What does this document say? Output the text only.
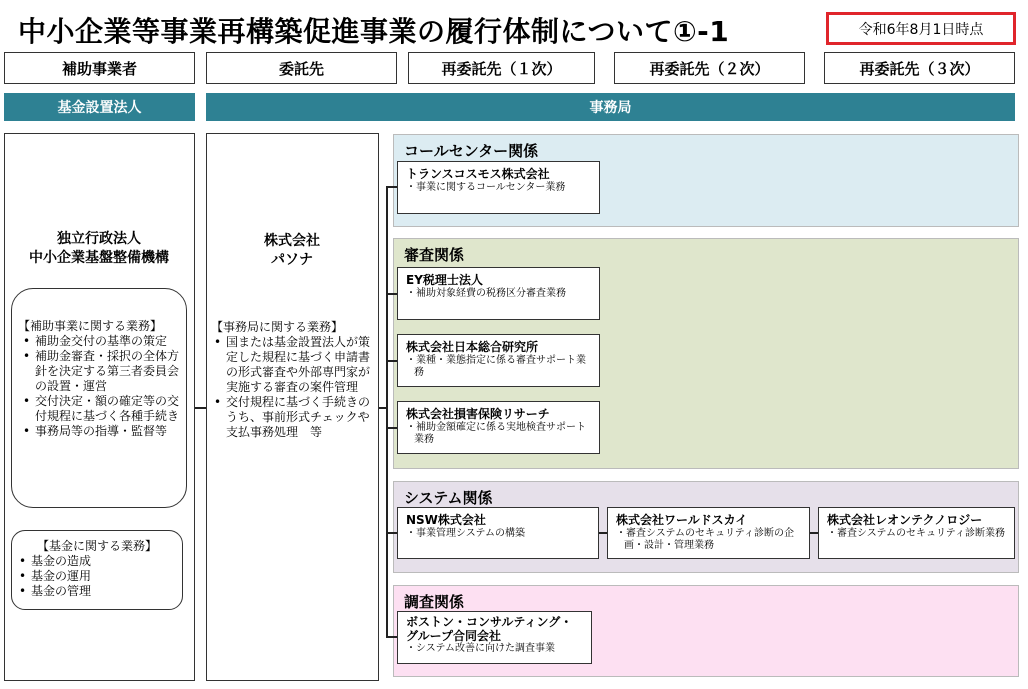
中小企業等事業再構築促進事業の履行体制について①-1	令和6年8月1日時点
補助事業者	委託先	再委託先（１次）	再委託先（２次）	再委託先（３次）
基金設置法人	事務局
独立行政法人
中小企業基盤整備機構
【補助事業に関する業務】
• 補助金交付の基準の策定
• 補助金審査・採択の全体方針を決定する第三者委員会の設置・運営
• 交付決定・額の確定等の交付規程に基づく各種手続き
• 事務局等の指導・監督等
【基金に関する業務】
• 基金の造成
• 基金の運用
• 基金の管理
株式会社
パソナ
【事務局に関する業務】
• 国または基金設置法人が策定した規程に基づく申請書の形式審査や外部専門家が実施する審査の案件管理
• 交付規程に基づく手続きのうち、事前形式チェックや支払事務処理　等
コールセンター関係
審査関係
システム関係
調査関係
トランスコスモス株式会社
・事業に関するコールセンター業務
EY税理士法人
・補助対象経費の税務区分審査業務
株式会社日本総合研究所
・業種・業態指定に係る審査サポート業務
株式会社損害保険リサーチ
・補助金額確定に係る実地検査サポート業務
NSW株式会社
・事業管理システムの構築
株式会社ワールドスカイ
・審査システムのセキュリティ診断の企画・設計・管理業務
株式会社レオンテクノロジー
・審査システムのセキュリティ診断業務
ボストン・コンサルティング・グループ合同会社
・システム改善に向けた調査事業
